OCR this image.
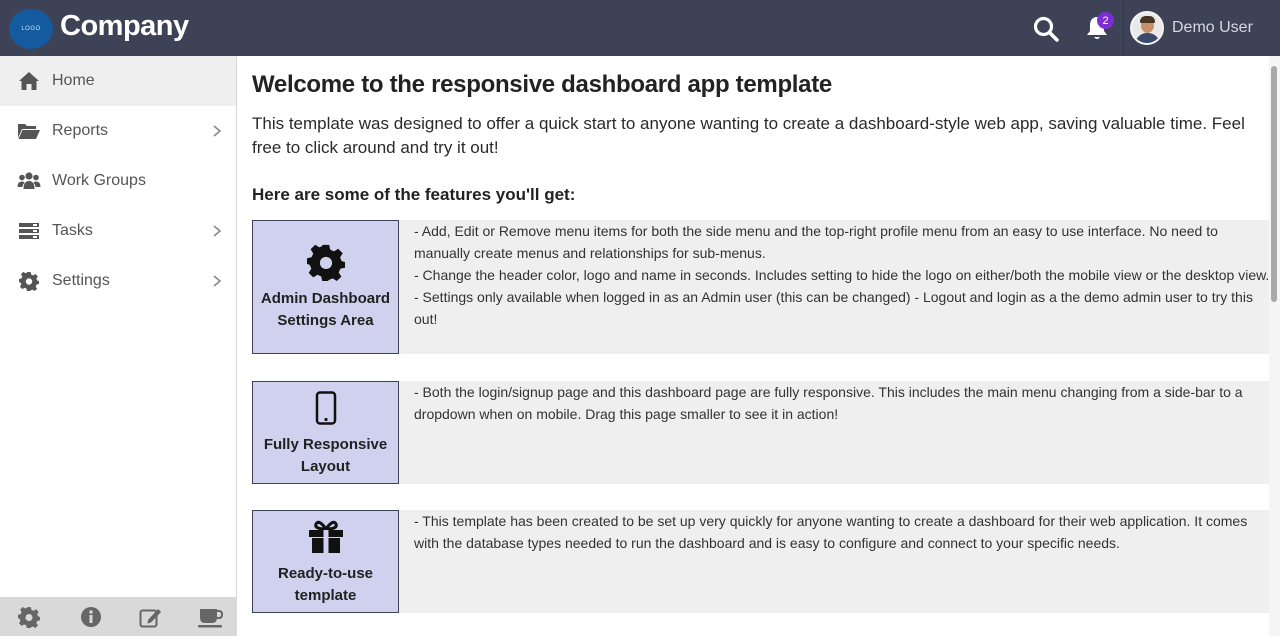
LOGO Company	2	Demo User
Home
Reports
Work Groups
Tasks
Settings
Welcome to the responsive dashboard app template

This template was designed to offer a quick start to anyone wanting to create a dashboard-style web app, saving valuable time. Feel free to click around and try it out!

Here are some of the features you'll get:
Admin Dashboard
Settings Area
- Add, Edit or Remove menu items for both the side menu and the top-right profile menu from an easy to use interface. No need to manually create menus and relationships for sub-menus.
- Change the header color, logo and name in seconds. Includes setting to hide the logo on either/both the mobile view or the desktop view.
- Settings only available when logged in as an Admin user (this can be changed) - Logout and login as a the demo admin user to try this out!
Fully Responsive
Layout
- Both the login/signup page and this dashboard page are fully responsive. This includes the main menu changing from a side-bar to a dropdown when on mobile. Drag this page smaller to see it in action!
Ready-to-use
template
- This template has been created to be set up very quickly for anyone wanting to create a dashboard for their web application. It comes with the database types needed to run the dashboard and is easy to configure and connect to your specific needs.
